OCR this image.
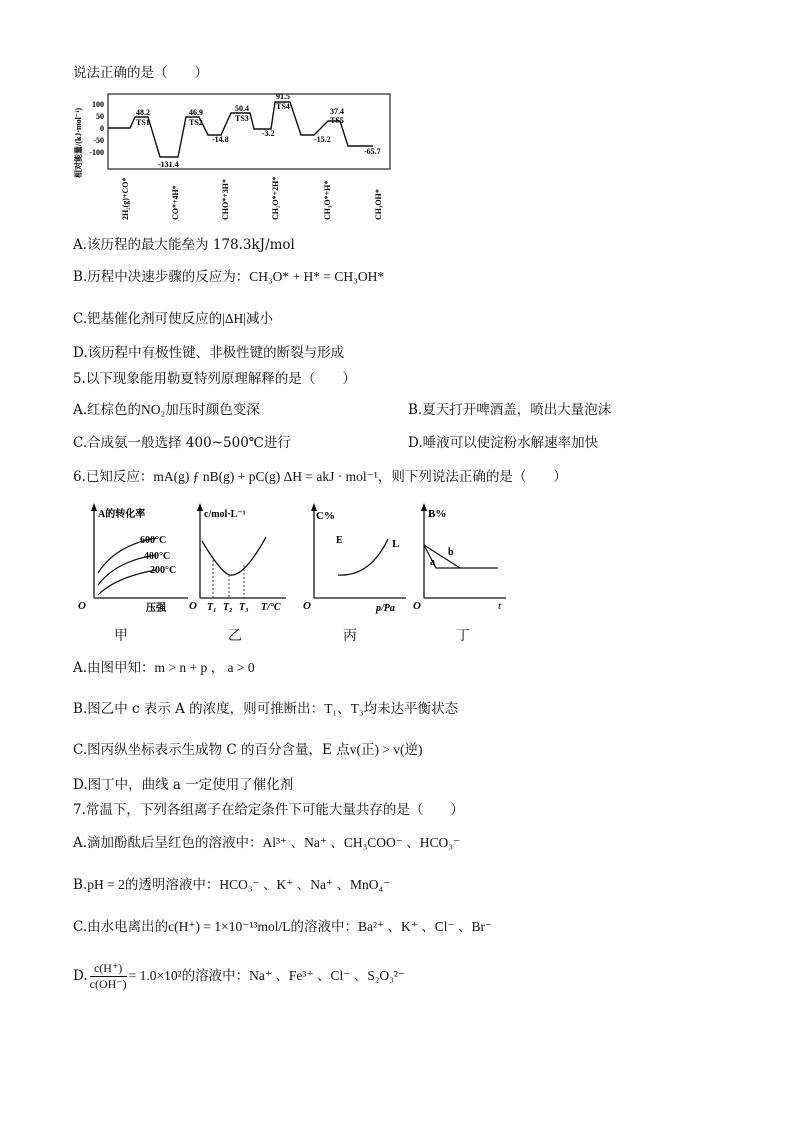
说法正确的是（　　）
相对能量/(kJ·mol⁻¹)
100
50
0
-50
-100
48.2
TS1
46.9
TS2
50.4
TS3
91.5
TS4
37.4
TS5
-131.4
-14.8
-3.2
-15.2
-65.7
2H₂(g)+CO*	CO*+4H*	CHO*+3H*	CH₂O*+2H*	CH₃O*+H*	CH₃OH*
A.该历程的最大能垒为 178.3kJ/mol
B.历程中决速步骤的反应为：CH₃O* + H* = CH₃OH*
C.钯基催化剂可使反应的|ΔH|减小
D.该历程中有极性键、非极性键的断裂与形成
5.以下现象能用勒夏特列原理解释的是（　　）
A.红棕色的NO₂加压时颜色变深	B.夏天打开啤酒盖，喷出大量泡沫
C.合成氨一般选择 400~500℃进行	D.唾液可以使淀粉水解速率加快
6.已知反应：mA(g) ƒ nB(g) + pC(g) ΔH = akJ · mol⁻¹，则下列说法正确的是（　　）
A的转化率
600°C
400°C
200°C
O	压强
甲
c/mol·L⁻¹
O T₁ T₂ T₃ T/°C
乙
C%
E	L
O	p/Pa
丙
B%
a
b
O	t
丁
A.由图甲知：m > n + p ， a > 0
B.图乙中 c 表示 A 的浓度，则可推断出：T₁、T₃均未达平衡状态
C.图丙纵坐标表示生成物 C 的百分含量，E 点v(正) > v(逆)
D.图丁中，曲线 a 一定使用了催化剂
7.常温下，下列各组离子在给定条件下可能大量共存的是（　　）
A.滴加酚酞后呈红色的溶液中：Al³⁺ 、Na⁺ 、CH₃COO⁻ 、HCO₃⁻
B.pH = 2的透明溶液中：HCO₃⁻ 、K⁺ 、Na⁺ 、MnO₄⁻
C.由水电离出的c(H⁺) = 1×10⁻¹³mol/L的溶液中：Ba²⁺ 、K⁺ 、Cl⁻ 、Br⁻
D. $\frac{c(H^+)}{c(OH^-)} = 1.0\times 10^2$的溶液中：Na⁺ 、Fe³⁺ 、Cl⁻ 、S₂O₃²⁻
